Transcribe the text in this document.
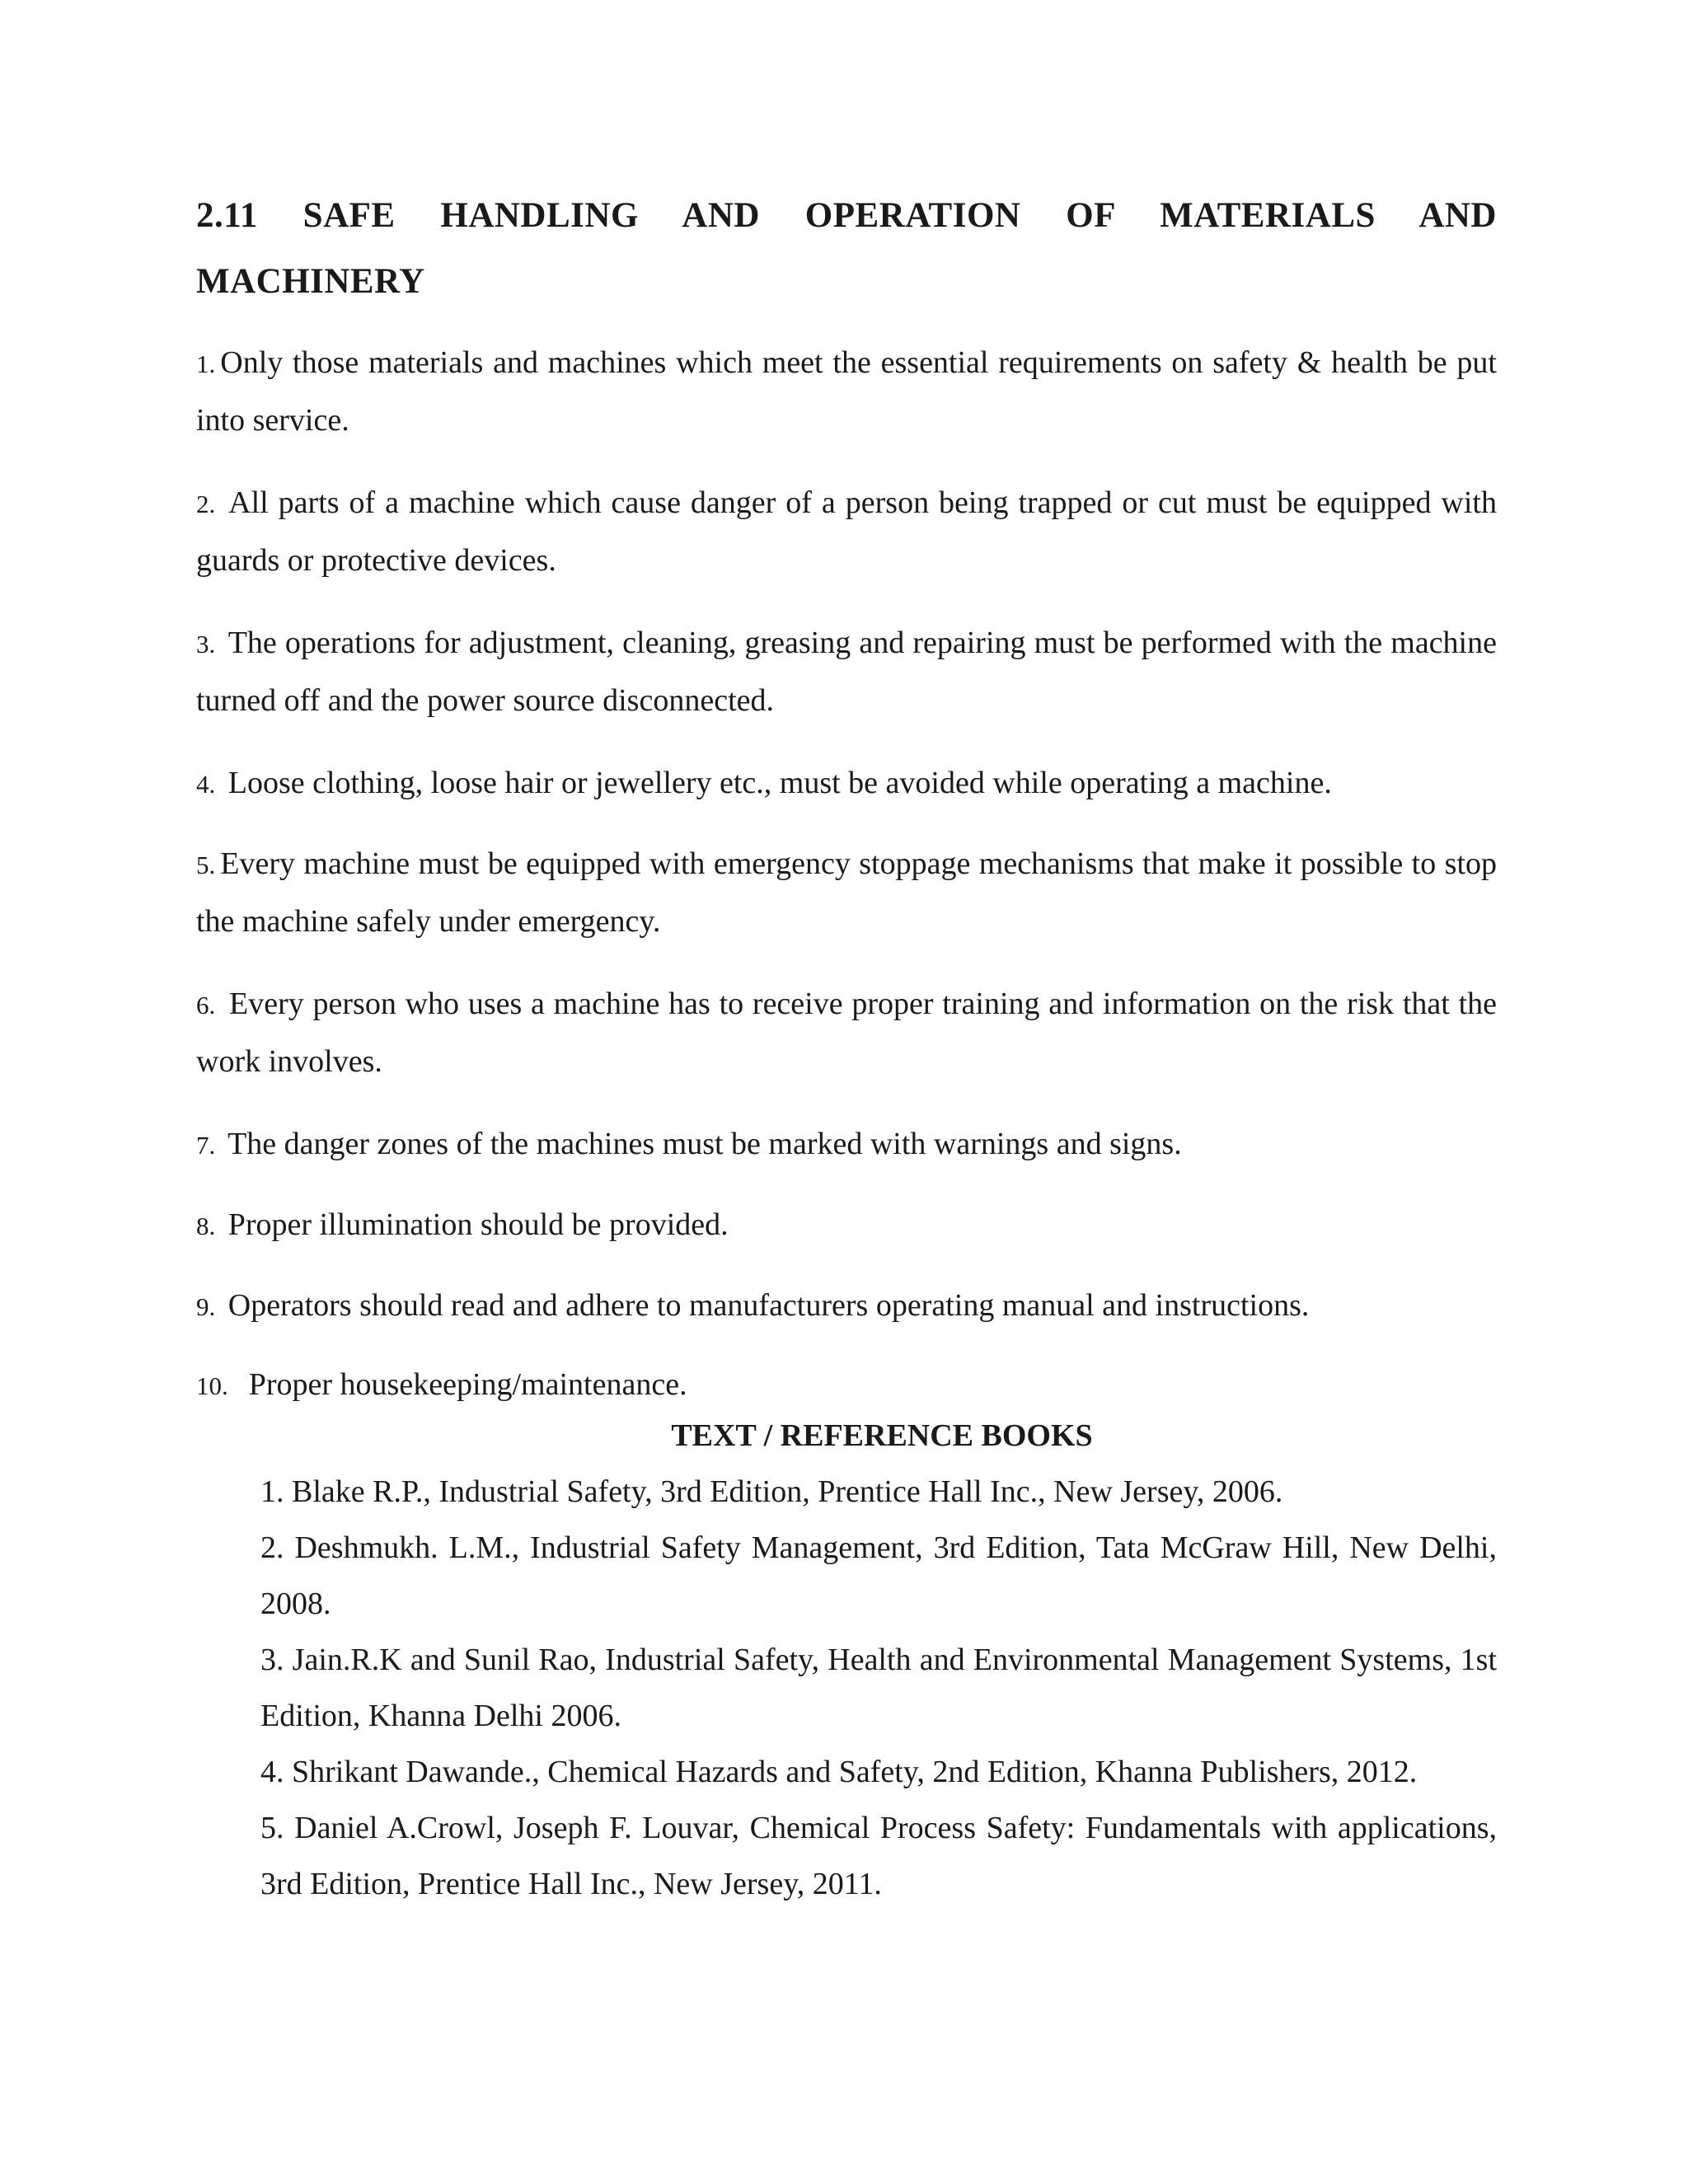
2.11 SAFE HANDLING AND OPERATION OF MATERIALS AND MACHINERY

1. Only those materials and machines which meet the essential requirements on safety & health be put into service.

2. All parts of a machine which cause danger of a person being trapped or cut must be equipped with guards or protective devices.

3. The operations for adjustment, cleaning, greasing and repairing must be performed with the machine turned off and the power source disconnected.

4. Loose clothing, loose hair or jewellery etc., must be avoided while operating a machine.

5. Every machine must be equipped with emergency stoppage mechanisms that make it possible to stop the machine safely under emergency.

6. Every person who uses a machine has to receive proper training and information on the risk that the work involves.

7. The danger zones of the machines must be marked with warnings and signs.

8. Proper illumination should be provided.

9. Operators should read and adhere to manufacturers operating manual and instructions.

10. Proper housekeeping/maintenance.

TEXT / REFERENCE BOOKS

1. Blake R.P., Industrial Safety, 3rd Edition, Prentice Hall Inc., New Jersey, 2006.

2. Deshmukh. L.M., Industrial Safety Management, 3rd Edition, Tata McGraw Hill, New Delhi, 2008.

3. Jain.R.K and Sunil Rao, Industrial Safety, Health and Environmental Management Systems, 1st Edition, Khanna Delhi 2006.

4. Shrikant Dawande., Chemical Hazards and Safety, 2nd Edition, Khanna Publishers, 2012.

5. Daniel A.Crowl, Joseph F. Louvar, Chemical Process Safety: Fundamentals with applications, 3rd Edition, Prentice Hall Inc., New Jersey, 2011.
